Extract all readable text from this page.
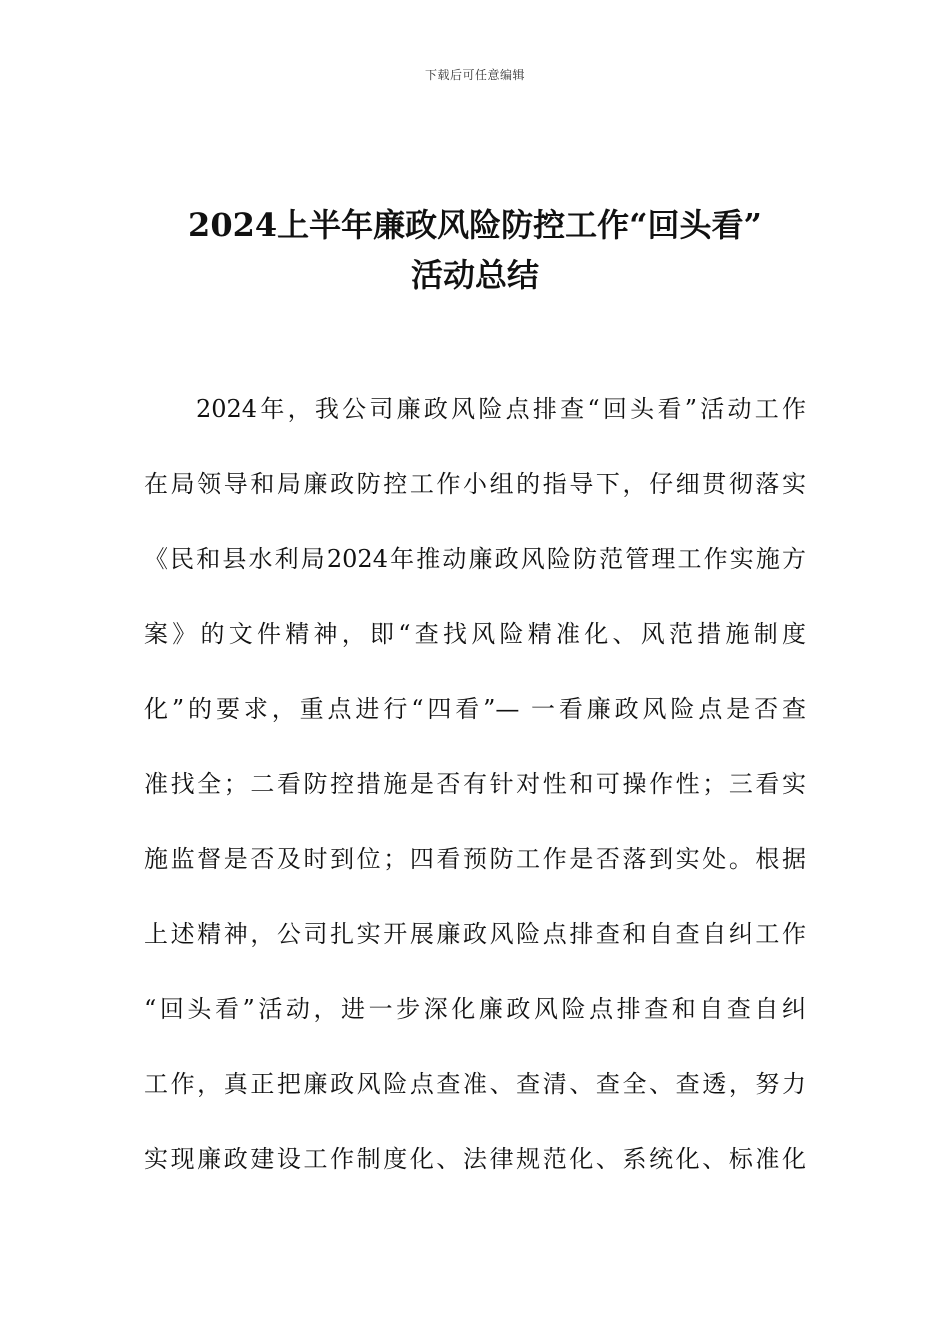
下载后可任意编辑
2024上半年廉政风险防控工作“回头看”
活动总结
2024年，我公司廉政风险点排查“回头看”活动工作
在局领导和局廉政防控工作小组的指导下，仔细贯彻落实
《民和县水利局2024年推动廉政风险防范管理工作实施方
案》的文件精神，即“查找风险精准化、风范措施制度
化”的要求，重点进行“四看”— 一看廉政风险点是否查
准找全；二看防控措施是否有针对性和可操作性；三看实
施监督是否及时到位；四看预防工作是否落到实处。根据
上述精神，公司扎实开展廉政风险点排查和自查自纠工作
“回头看”活动，进一步深化廉政风险点排查和自查自纠
工作，真正把廉政风险点查准、查清、查全、查透，努力
实现廉政建设工作制度化、法律规范化、系统化、标准化
